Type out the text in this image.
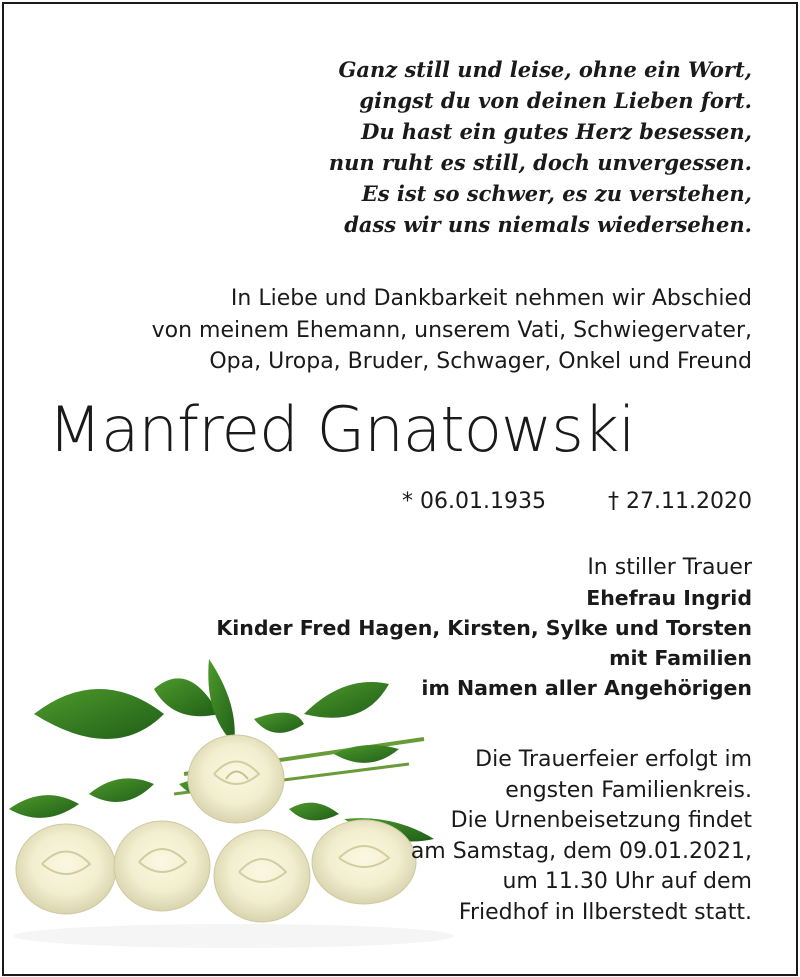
Ganz still und leise, ohne ein Wort,
gingst du von deinen Lieben fort.
Du hast ein gutes Herz besessen,
nun ruht es still, doch unvergessen.
Es ist so schwer, es zu verstehen,
dass wir uns niemals wiedersehen.
In Liebe und Dankbarkeit nehmen wir Abschied
von meinem Ehemann, unserem Vati, Schwiegervater,
Opa, Uropa, Bruder, Schwager, Onkel und Freund
Manfred Gnatowski
* 06.01.1935	† 27.11.2020
In stiller Trauer
Ehefrau Ingrid
Kinder Fred Hagen, Kirsten, Sylke und Torsten
mit Familien
im Namen aller Angehörigen
Die Trauerfeier erfolgt im
engsten Familienkreis.
Die Urnenbeisetzung findet
am Samstag, dem 09.01.2021,
um 11.30 Uhr auf dem
Friedhof in Ilberstedt statt.
